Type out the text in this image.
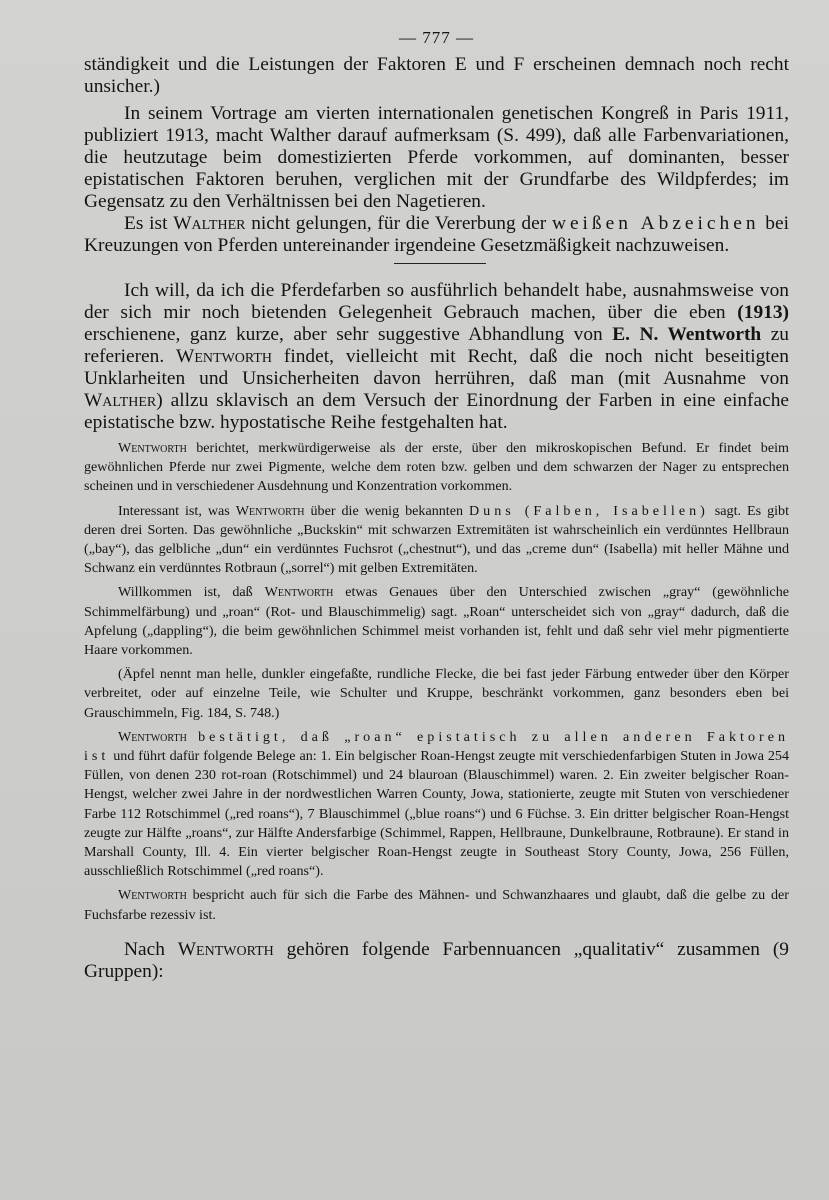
— 777 —

ständigkeit und die Leistungen der Faktoren E und F erscheinen demnach noch recht unsicher.)

In seinem Vortrage am vierten internationalen genetischen Kongreß in Paris 1911, publiziert 1913, macht Walther darauf aufmerksam (S. 499), daß alle Farbenvariationen, die heutzutage beim domestizierten Pferde vorkommen, auf dominanten, besser epistatischen Faktoren beruhen, verglichen mit der Grundfarbe des Wildpferdes; im Gegensatz zu den Verhältnissen bei den Nagetieren.

Es ist Walther nicht gelungen, für die Vererbung der weißen Abzeichen bei Kreuzungen von Pferden untereinander irgendeine Gesetzmäßigkeit nachzuweisen.

Ich will, da ich die Pferdefarben so ausführlich behandelt habe, ausnahmsweise von der sich mir noch bietenden Gelegenheit Gebrauch machen, über die eben (1913) erschienene, ganz kurze, aber sehr suggestive Abhandlung von E. N. Wentworth zu referieren. Wentworth findet, vielleicht mit Recht, daß die noch nicht beseitigten Unklarheiten und Unsicherheiten davon herrühren, daß man (mit Ausnahme von Walther) allzu sklavisch an dem Versuch der Einordnung der Farben in eine einfache epistatische bzw. hypostatische Reihe festgehalten hat.

Wentworth berichtet, merkwürdigerweise als der erste, über den mikroskopischen Befund. Er findet beim gewöhnlichen Pferde nur zwei Pigmente, welche dem roten bzw. gelben und dem schwarzen der Nager zu entsprechen scheinen und in verschiedener Ausdehnung und Konzentration vorkommen.

Interessant ist, was Wentworth über die wenig bekannten Duns (Falben, Isabellen) sagt. Es gibt deren drei Sorten. Das gewöhnliche „Buckskin“ mit schwarzen Extremitäten ist wahrscheinlich ein verdünntes Hellbraun („bay“), das gelbliche „dun“ ein verdünntes Fuchsrot („chestnut“), und das „creme dun“ (Isabella) mit heller Mähne und Schwanz ein verdünntes Rotbraun („sorrel“) mit gelben Extremitäten.

Willkommen ist, daß Wentworth etwas Genaues über den Unterschied zwischen „gray“ (gewöhnliche Schimmelfärbung) und „roan“ (Rot- und Blauschimmelig) sagt. „Roan“ unterscheidet sich von „gray“ dadurch, daß die Apfelung („dappling“), die beim gewöhnlichen Schimmel meist vorhanden ist, fehlt und daß sehr viel mehr pigmentierte Haare vorkommen.

(Äpfel nennt man helle, dunkler eingefaßte, rundliche Flecke, die bei fast jeder Färbung entweder über den Körper verbreitet, oder auf einzelne Teile, wie Schulter und Kruppe, beschränkt vorkommen, ganz besonders eben bei Grauschimmeln, Fig. 184, S. 748.)

Wentworth bestätigt, daß „roan“ epistatisch zu allen anderen Faktoren ist und führt dafür folgende Belege an: 1. Ein belgischer Roan-Hengst zeugte mit verschiedenfarbigen Stuten in Jowa 254 Füllen, von denen 230 rot-roan (Rotschimmel) und 24 blauroan (Blauschimmel) waren. 2. Ein zweiter belgischer Roan-Hengst, welcher zwei Jahre in der nordwestlichen Warren County, Jowa, stationierte, zeugte mit Stuten von verschiedener Farbe 112 Rotschimmel („red roans“), 7 Blauschimmel („blue roans“) und 6 Füchse. 3. Ein dritter belgischer Roan-Hengst zeugte zur Hälfte „roans“, zur Hälfte Andersfarbige (Schimmel, Rappen, Hellbraune, Dunkelbraune, Rotbraune). Er stand in Marshall County, Ill. 4. Ein vierter belgischer Roan-Hengst zeugte in Southeast Story County, Jowa, 256 Füllen, ausschließlich Rotschimmel („red roans“).

Wentworth bespricht auch für sich die Farbe des Mähnen- und Schwanzhaares und glaubt, daß die gelbe zu der Fuchsfarbe rezessiv ist.

Nach Wentworth gehören folgende Farbennuancen „qualitativ“ zusammen (9 Gruppen):
